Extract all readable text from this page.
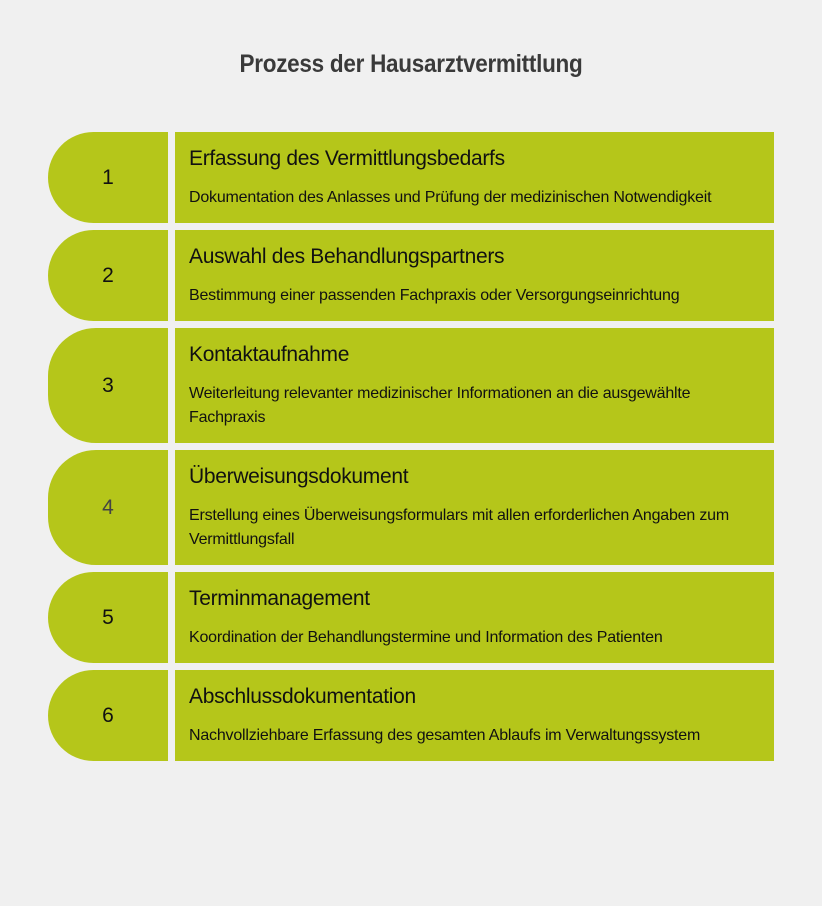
Prozess der Hausarztvermittlung
1
Erfassung des Vermittlungsbedarfs
Dokumentation des Anlasses und Prüfung der medizinischen Notwendigkeit
2
Auswahl des Behandlungspartners
Bestimmung einer passenden Fachpraxis oder Versorgungseinrichtung
3
Kontaktaufnahme
Weiterleitung relevanter medizinischer Informationen an die ausgewählte Fachpraxis
4
Überweisungsdokument
Erstellung eines Überweisungsformulars mit allen erforderlichen Angaben zum Vermittlungsfall
5
Terminmanagement
Koordination der Behandlungstermine und Information des Patienten
6
Abschlussdokumentation
Nachvollziehbare Erfassung des gesamten Ablaufs im Verwaltungssystem
